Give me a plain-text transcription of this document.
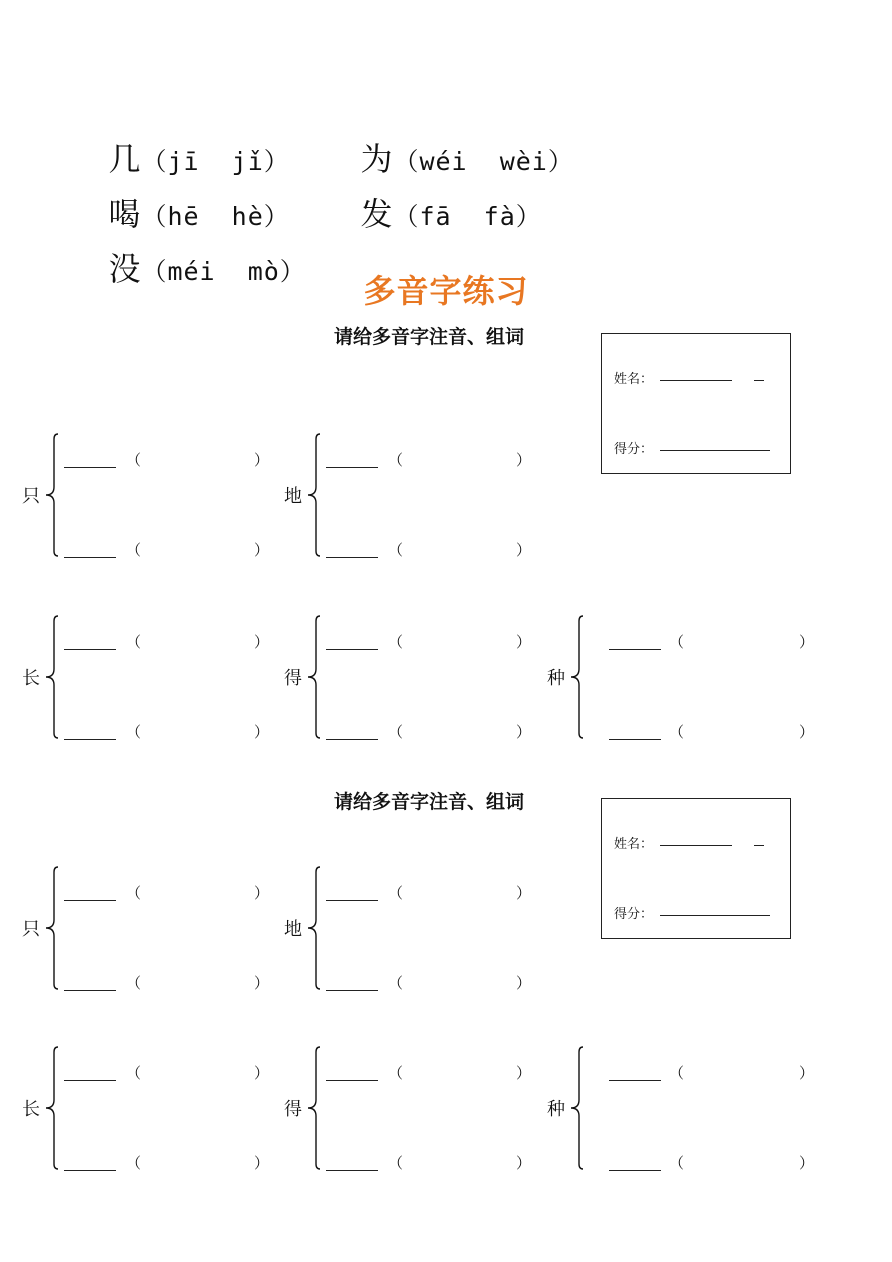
几（jī  jǐ）	为（wéi  wèi）

喝（hē  hè）	发（fā  fà）

没（méi  mò）

多音字练习
请给多音字注音、组词
姓名：
得分：
请给多音字注音、组词
姓名：
得分：
只
（	）
（	）
地
（	）
（	）
长
（	）
（	）
得
（	）
（	）
种
（	）
（	）
只
（	）
（	）
地
（	）
（	）
长
（	）
（	）
得
（	）
（	）
种
（	）
（	）
